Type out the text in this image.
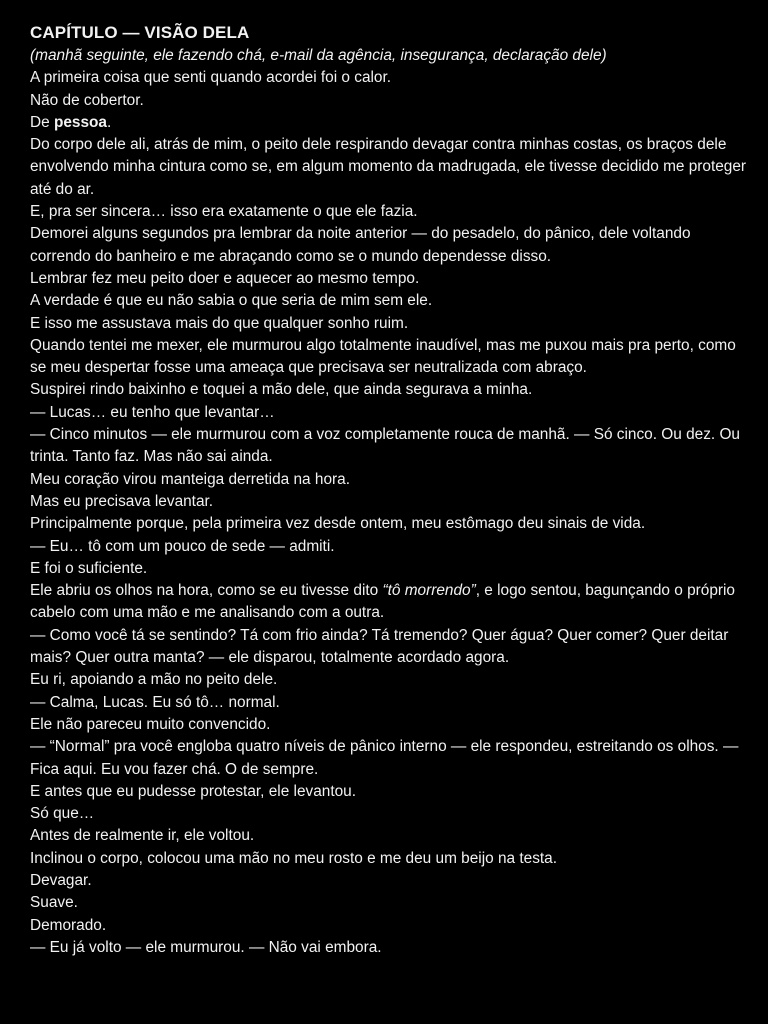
CAPÍTULO — VISÃO DELA
(manhã seguinte, ele fazendo chá, e-mail da agência, insegurança, declaração dele)
A primeira coisa que senti quando acordei foi o calor.
Não de cobertor.
De pessoa.
Do corpo dele ali, atrás de mim, o peito dele respirando devagar contra minhas costas, os braços dele envolvendo minha cintura como se, em algum momento da madrugada, ele tivesse decidido me proteger até do ar.
E, pra ser sincera… isso era exatamente o que ele fazia.
Demorei alguns segundos pra lembrar da noite anterior — do pesadelo, do pânico, dele voltando correndo do banheiro e me abraçando como se o mundo dependesse disso.
Lembrar fez meu peito doer e aquecer ao mesmo tempo.
A verdade é que eu não sabia o que seria de mim sem ele.
E isso me assustava mais do que qualquer sonho ruim.
Quando tentei me mexer, ele murmurou algo totalmente inaudível, mas me puxou mais pra perto, como se meu despertar fosse uma ameaça que precisava ser neutralizada com abraço.
Suspirei rindo baixinho e toquei a mão dele, que ainda segurava a minha.
— Lucas… eu tenho que levantar…
— Cinco minutos — ele murmurou com a voz completamente rouca de manhã. — Só cinco. Ou dez. Ou trinta. Tanto faz. Mas não sai ainda.
Meu coração virou manteiga derretida na hora.
Mas eu precisava levantar.
Principalmente porque, pela primeira vez desde ontem, meu estômago deu sinais de vida.
— Eu… tô com um pouco de sede — admiti.
E foi o suficiente.
Ele abriu os olhos na hora, como se eu tivesse dito “tô morrendo”, e logo sentou, bagunçando o próprio cabelo com uma mão e me analisando com a outra.
— Como você tá se sentindo? Tá com frio ainda? Tá tremendo? Quer água? Quer comer? Quer deitar mais? Quer outra manta? — ele disparou, totalmente acordado agora.
Eu ri, apoiando a mão no peito dele.
— Calma, Lucas. Eu só tô… normal.
Ele não pareceu muito convencido.
— “Normal” pra você engloba quatro níveis de pânico interno — ele respondeu, estreitando os olhos. — Fica aqui. Eu vou fazer chá. O de sempre.
E antes que eu pudesse protestar, ele levantou.
Só que…
Antes de realmente ir, ele voltou.
Inclinou o corpo, colocou uma mão no meu rosto e me deu um beijo na testa.
Devagar.
Suave.
Demorado.
— Eu já volto — ele murmurou. — Não vai embora.
